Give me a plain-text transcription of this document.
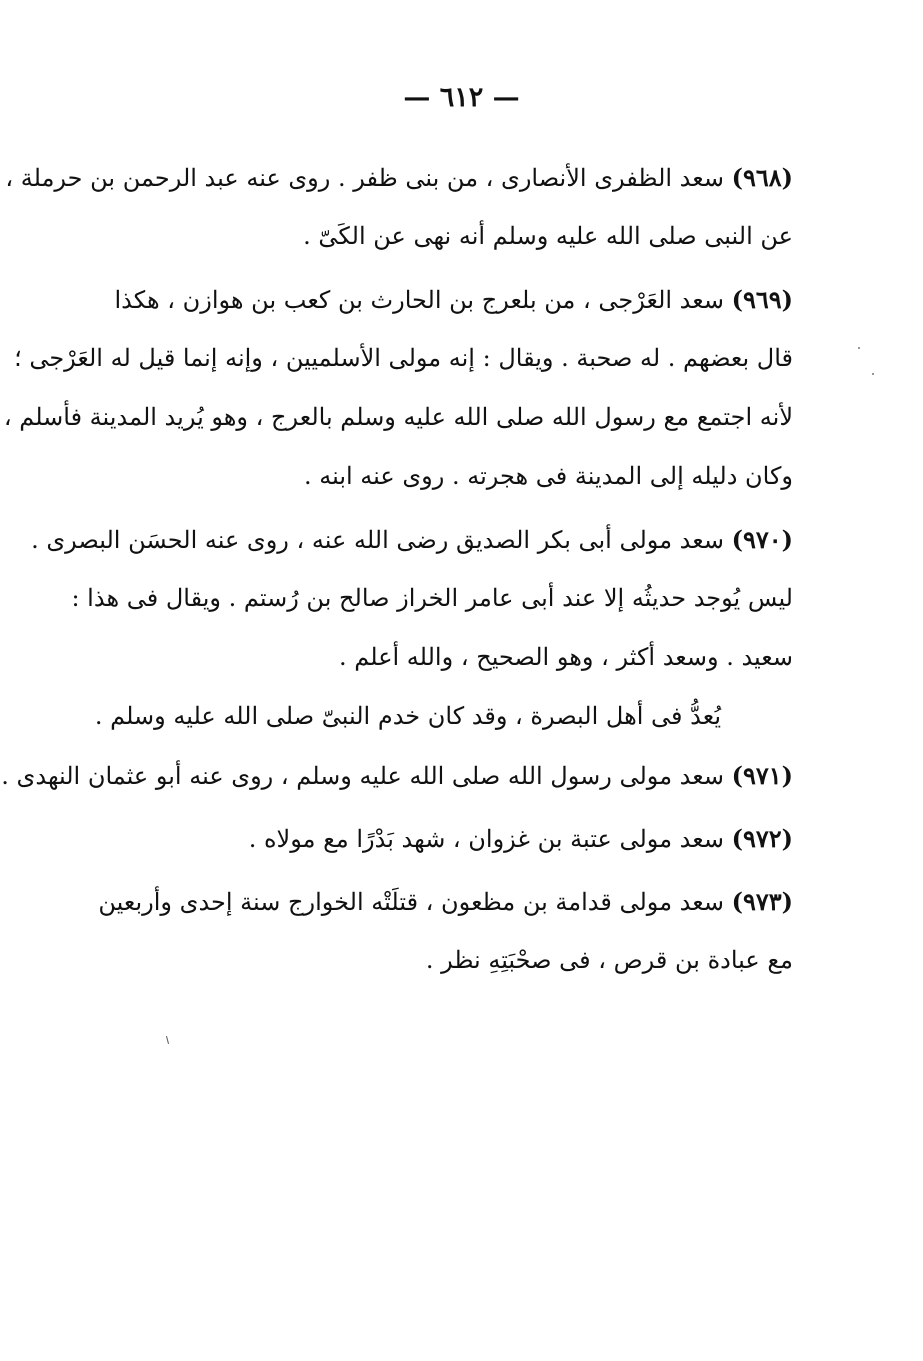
— ٦١٢ —
(٩٦٨) سعد الظفرى الأنصارى ، من بنى ظفر . روى عنه عبد الرحمن بن حرملة ،
عن النبى صلى الله عليه وسلم أنه نهى عن الكَىّ .
(٩٦٩) سعد العَرْجى ، من بلعرج بن الحارث بن كعب بن هوازن ، هكذا
قال بعضهم . له صحبة . ويقال : إنه مولى الأسلميين ، وإنه إنما قيل له العَرْجى ؛
لأنه اجتمع مع رسول الله صلى الله عليه وسلم بالعرج ، وهو يُريد المدينة فأسلم ،
وكان دليله إلى المدينة فى هجرته . روى عنه ابنه .
(٩٧٠) سعد مولى أبى بكر الصديق رضى الله عنه ، روى عنه الحسَن البصرى .
ليس يُوجد حديثُه إلا عند أبى عامر الخراز صالح بن رُستم . ويقال فى هذا :
سعيد . وسعد أكثر ، وهو الصحيح ، والله أعلم .
يُعدُّ فى أهل البصرة ، وقد كان خدم النبىّ صلى الله عليه وسلم .
(٩٧١) سعد مولى رسول الله صلى الله عليه وسلم ، روى عنه أبو عثمان النهدى .
(٩٧٢) سعد مولى عتبة بن غزوان ، شهد بَدْرًا مع مولاه .
(٩٧٣) سعد مولى قدامة بن مظعون ، قتلَتْه الخوارج سنة إحدى وأربعين
مع عبادة بن قرص ، فى صحْبَتِهِ نظر .
